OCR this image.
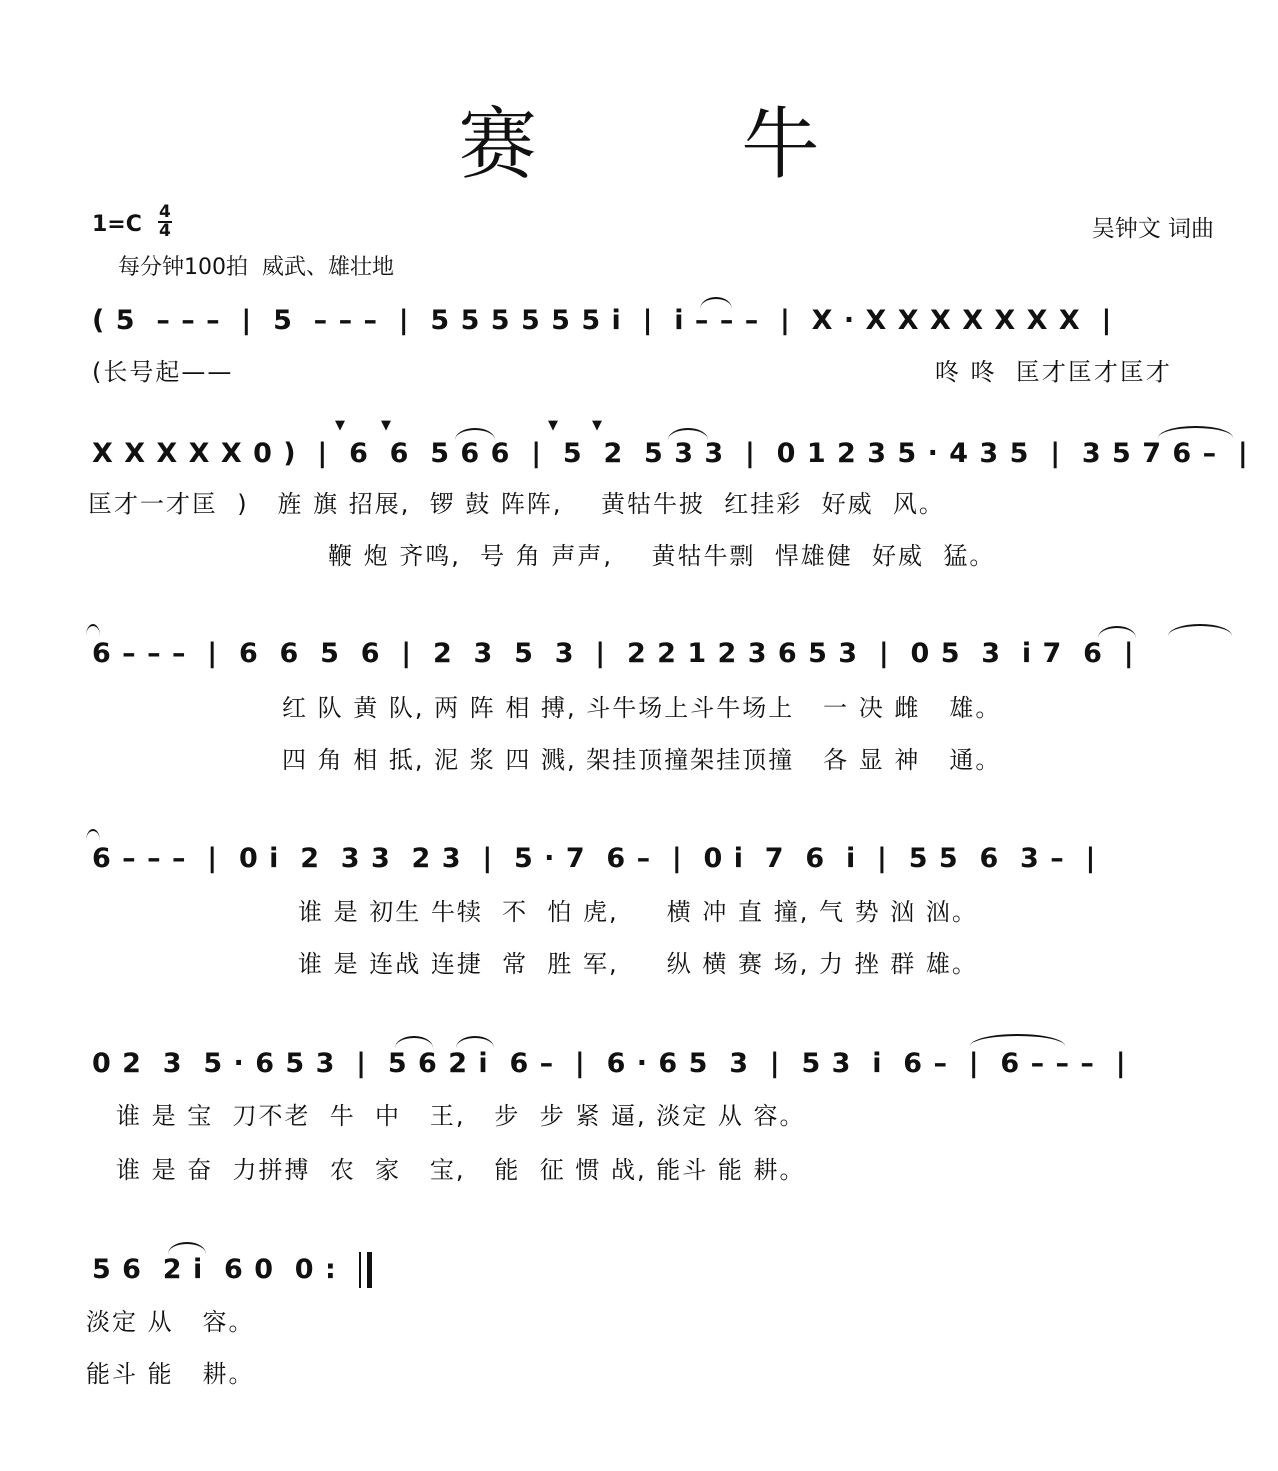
赛 牛
1=C 4
4
每分钟100拍  威武、雄壮地
吴钟文 词曲
( 5  – – –  |  5  – – –  |  5 5 5 5 5 5 i  |  i – – –  |  X · X X X X X X X  |
(长号起——	咚 咚  匡才匡才匡才
X X X X X 0 )  |  6  6  5 6 6  |  5  2  5 3 3  |  0 1 2 3 5 · 4 3 5  |  3 5 7 6 –  |
匡才一才匡  )   旌 旗 招展,  锣 鼓 阵阵,    黄牯牛披  红挂彩  好威  风。
鞭 炮 齐鸣,  号 角 声声,    黄牯牛剽  悍雄健  好威  猛。
▼	▼	▼	▼
6 – – –  |  6  6  5  6  |  2  3  5  3  |  2 2 1 2 3 6 5 3  |  0 5  3  i 7  6  |
红 队 黄 队, 两 阵 相 搏, 斗牛场上斗牛场上   一 决 雌   雄。
四 角 相 抵, 泥 浆 四 溅, 架挂顶撞架挂顶撞   各 显 神   通。
6 – – –  |  0 i  2  3 3  2 3  |  5 · 7  6 –  |  0 i  7  6  i  |  5 5  6  3 –  |
谁 是 初生 牛犊  不  怕 虎,     横 冲 直 撞, 气 势 汹 汹。
谁 是 连战 连捷  常  胜 军,     纵 横 赛 场, 力 挫 群 雄。
0 2  3  5 · 6 5 3  |  5 6 2 i  6 –  |  6 · 6 5  3  |  5 3  i  6 –  |  6 – – –  |
谁 是 宝  刀不老  牛  中   王,   步  步 紧 逼, 淡定 从 容。
谁 是 奋  力拼搏  农  家   宝,   能  征 惯 战, 能斗 能 耕。
5 6  2 i  6 0  0 :
淡定 从   容。
能斗 能   耕。
